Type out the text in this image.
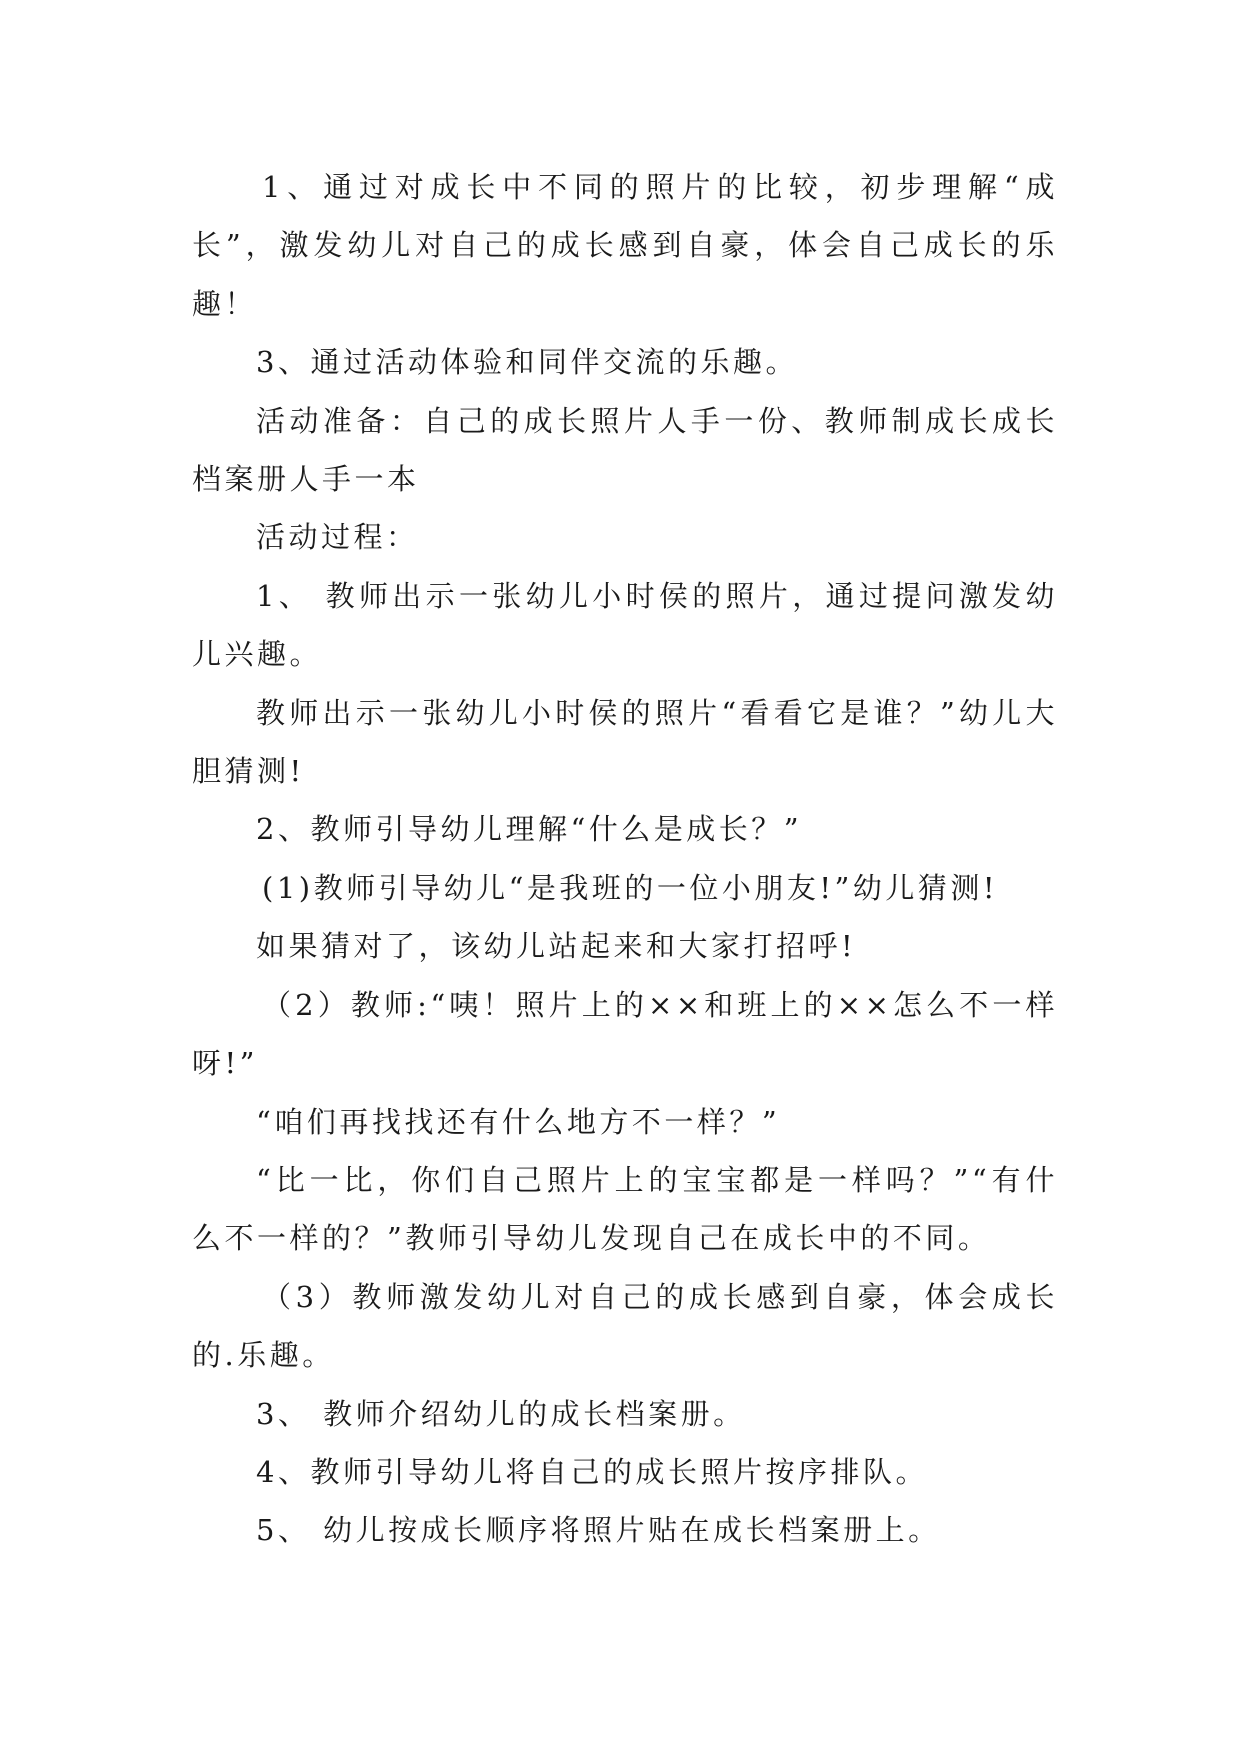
1、通过对成长中不同的照片的比较，初步理解“成长”，激发幼儿对自己的成长感到自豪，体会自己成长的乐趣！

3、通过活动体验和同伴交流的乐趣。

活动准备：自己的成长照片人手一份、教师制成长成长档案册人手一本

活动过程：

1、 教师出示一张幼儿小时侯的照片，通过提问激发幼儿兴趣。

教师出示一张幼儿小时侯的照片“看看它是谁？”幼儿大胆猜测!

2、教师引导幼儿理解“什么是成长？”

(1)教师引导幼儿“是我班的一位小朋友!”幼儿猜测!

如果猜对了，该幼儿站起来和大家打招呼!

（2）教师:“咦！照片上的××和班上的××怎么不一样呀!”

“咱们再找找还有什么地方不一样？”

“比一比，你们自己照片上的宝宝都是一样吗？”“有什么不一样的？”教师引导幼儿发现自己在成长中的不同。

（3）教师激发幼儿对自己的成长感到自豪，体会成长的.乐趣。

3、 教师介绍幼儿的成长档案册。

4、教师引导幼儿将自己的成长照片按序排队。

5、 幼儿按成长顺序将照片贴在成长档案册上。
